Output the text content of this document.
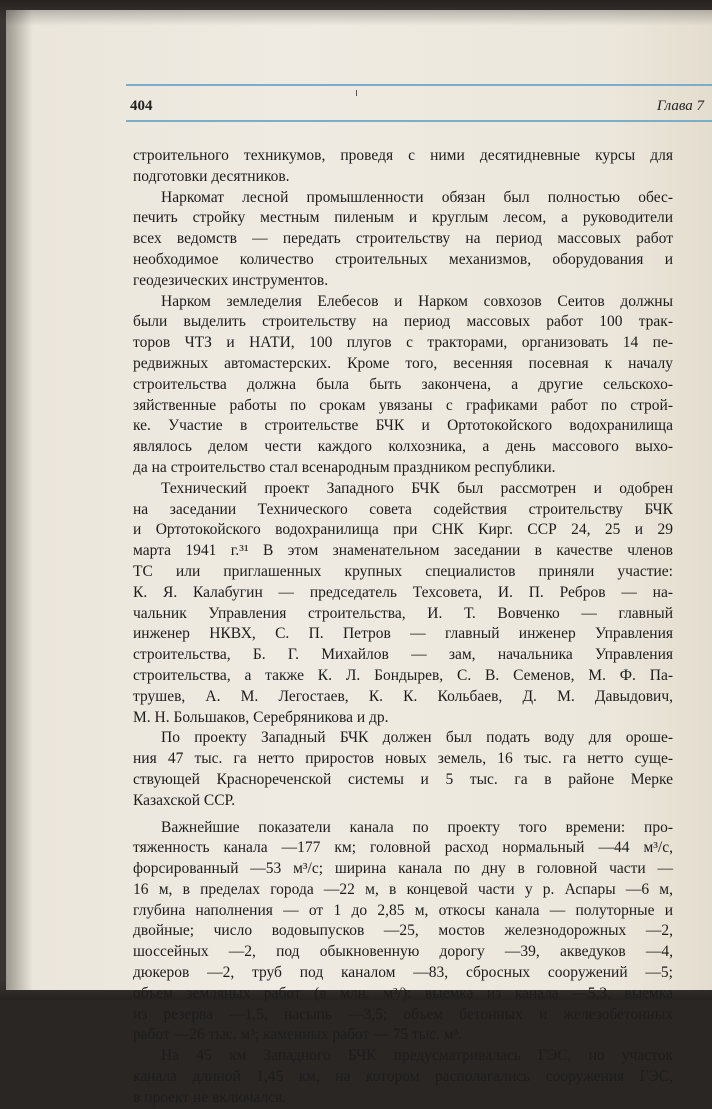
404	Глава 7
строительного техникумов, проведя с ними десятидневные курсы для
подготовки десятников.
Наркомат лесной промышленности обязан был полностью обес-
печить стройку местным пиленым и круглым лесом, а руководители
всех ведомств — передать строительству на период массовых работ
необходимое количество строительных механизмов, оборудования и
геодезических инструментов.
Нарком земледелия Елебесов и Нарком совхозов Сеитов должны
были выделить строительству на период массовых работ 100 трак-
торов ЧТЗ и НАТИ, 100 плугов с тракторами, организовать 14 пе-
редвижных автомастерских. Кроме того, весенняя посевная к началу
строительства должна была быть закончена, а другие сельскохо-
зяйственные работы по срокам увязаны с графиками работ по строй-
ке. Участие в строительстве БЧК и Ортотокойского водохранилища
являлось делом чести каждого колхозника, а день массового выхо-
да на строительство стал всенародным праздником республики.
Технический проект Западного БЧК был рассмотрен и одобрен
на заседании Технического совета содействия строительству БЧК
и Ортотокойского водохранилища при СНК Кирг. ССР 24, 25 и 29
марта 1941 г.³¹ В этом знаменательном заседании в качестве членов
ТС или приглашенных крупных специалистов приняли участие:
К. Я. Калабугин — председатель Техсовета, И. П. Ребров — на-
чальник Управления строительства, И. Т. Вовченко — главный
инженер НКВХ, С. П. Петров — главный инженер Управления
строительства, Б. Г. Михайлов — зам, начальника Управления
строительства, а также К. Л. Бондырев, С. В. Семенов, М. Ф. Па-
трушев, А. М. Легостаев, К. К. Кольбаев, Д. М. Давыдович,
М. Н. Большаков, Серебряникова и др.
По проекту Западный БЧК должен был подать воду для ороше-
ния 47 тыс. га нетто приростов новых земель, 16 тыс. га нетто суще-
ствующей Краснореченской системы и 5 тыс. га в районе Мерке
Казахской ССР.
Важнейшие показатели канала по проекту того времени: про-
тяженность канала —177 км; головной расход нормальный —44 м³/с,
форсированный —53 м³/с; ширина канала по дну в головной части —
16 м, в пределах города —22 м, в концевой части у р. Аспары —6 м,
глубина наполнения — от 1 до 2,85 м, откосы канала — полуторные и
двойные; число водовыпусков —25, мостов железнодорожных —2,
шоссейных —2, под обыкновенную дорогу —39, акведуков —4,
дюкеров —2, труб под каналом —83, сбросных сооружений —5;
объем земляных работ (в млн. м³/): выемка из канала —5,3, выемка
из резерва —1,5, насыпь —3,5; объем бетонных и железобетонных
работ —26 тыс. м³; каменных работ — 75 тыс. м³.
На 45 км Западного БЧК предусматривалась ГЭС, но участок
канала длиной 1,45 км, на котором располагались сооружения ГЭС,
в проект не включался.
